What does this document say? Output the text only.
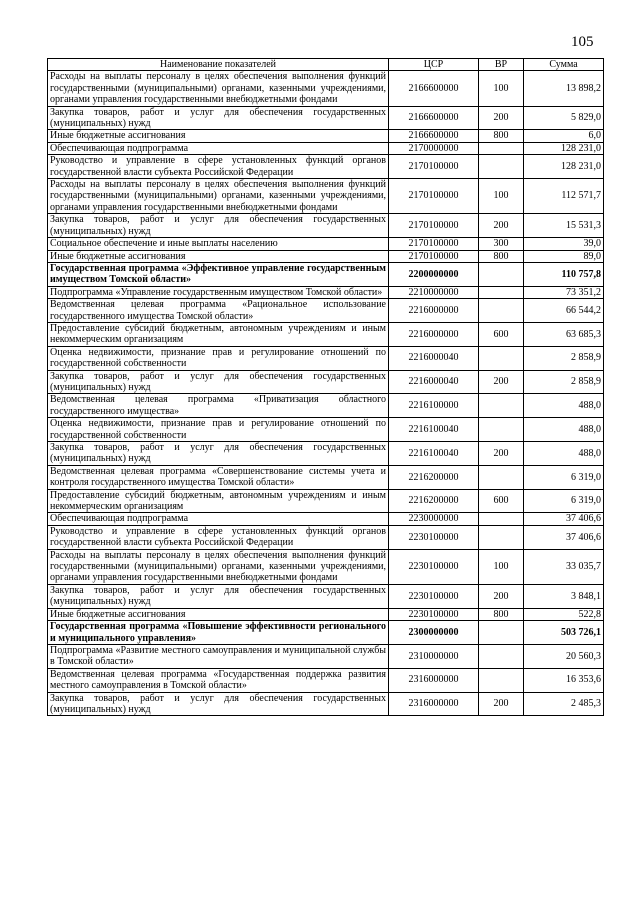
105
Наименование показателей	ЦСР	ВР	Сумма
Расходы на выплаты персоналу в целях обеспечения выполнения функций государственными (муниципальными) органами, казенными учреждениями, органами управления государственными внебюджетными фондами	2166600000	100	13 898,2
Закупка товаров, работ и услуг для обеспечения государственных (муниципальных) нужд	2166600000	200	5 829,0
Иные бюджетные ассигнования	2166600000	800	6,0
Обеспечивающая подпрограмма	2170000000		128 231,0
Руководство и управление в сфере установленных функций органов государственной власти субъекта Российской Федерации	2170100000		128 231,0
Расходы на выплаты персоналу в целях обеспечения выполнения функций государственными (муниципальными) органами, казенными учреждениями, органами управления государственными внебюджетными фондами	2170100000	100	112 571,7
Закупка товаров, работ и услуг для обеспечения государственных (муниципальных) нужд	2170100000	200	15 531,3
Социальное обеспечение и иные выплаты населению	2170100000	300	39,0
Иные бюджетные ассигнования	2170100000	800	89,0
Государственная программа «Эффективное управление государственным имуществом Томской области»	2200000000		110 757,8
Подпрограмма «Управление государственным имуществом Томской области»	2210000000		73 351,2
Ведомственная целевая программа «Рациональное использование государственного имущества Томской области»	2216000000		66 544,2
Предоставление субсидий бюджетным, автономным учреждениям и иным некоммерческим организациям	2216000000	600	63 685,3
Оценка недвижимости, признание прав и регулирование отношений по государственной собственности	2216000040		2 858,9
Закупка товаров, работ и услуг для обеспечения государственных (муниципальных) нужд	2216000040	200	2 858,9
Ведомственная целевая программа «Приватизация областного государственного имущества»	2216100000		488,0
Оценка недвижимости, признание прав и регулирование отношений по государственной собственности	2216100040		488,0
Закупка товаров, работ и услуг для обеспечения государственных (муниципальных) нужд	2216100040	200	488,0
Ведомственная целевая программа «Совершенствование системы учета и контроля государственного имущества Томской области»	2216200000		6 319,0
Предоставление субсидий бюджетным, автономным учреждениям и иным некоммерческим организациям	2216200000	600	6 319,0
Обеспечивающая подпрограмма	2230000000		37 406,6
Руководство и управление в сфере установленных функций органов государственной власти субъекта Российской Федерации	2230100000		37 406,6
Расходы на выплаты персоналу в целях обеспечения выполнения функций государственными (муниципальными) органами, казенными учреждениями, органами управления государственными внебюджетными фондами	2230100000	100	33 035,7
Закупка товаров, работ и услуг для обеспечения государственных (муниципальных) нужд	2230100000	200	3 848,1
Иные бюджетные ассигнования	2230100000	800	522,8
Государственная программа «Повышение эффективности регионального и муниципального управления»	2300000000		503 726,1
Подпрограмма «Развитие местного самоуправления и муниципальной службы в Томской области»	2310000000		20 560,3
Ведомственная целевая программа «Государственная поддержка развития местного самоуправления в Томской области»	2316000000		16 353,6
Закупка товаров, работ и услуг для обеспечения государственных (муниципальных) нужд	2316000000	200	2 485,3
